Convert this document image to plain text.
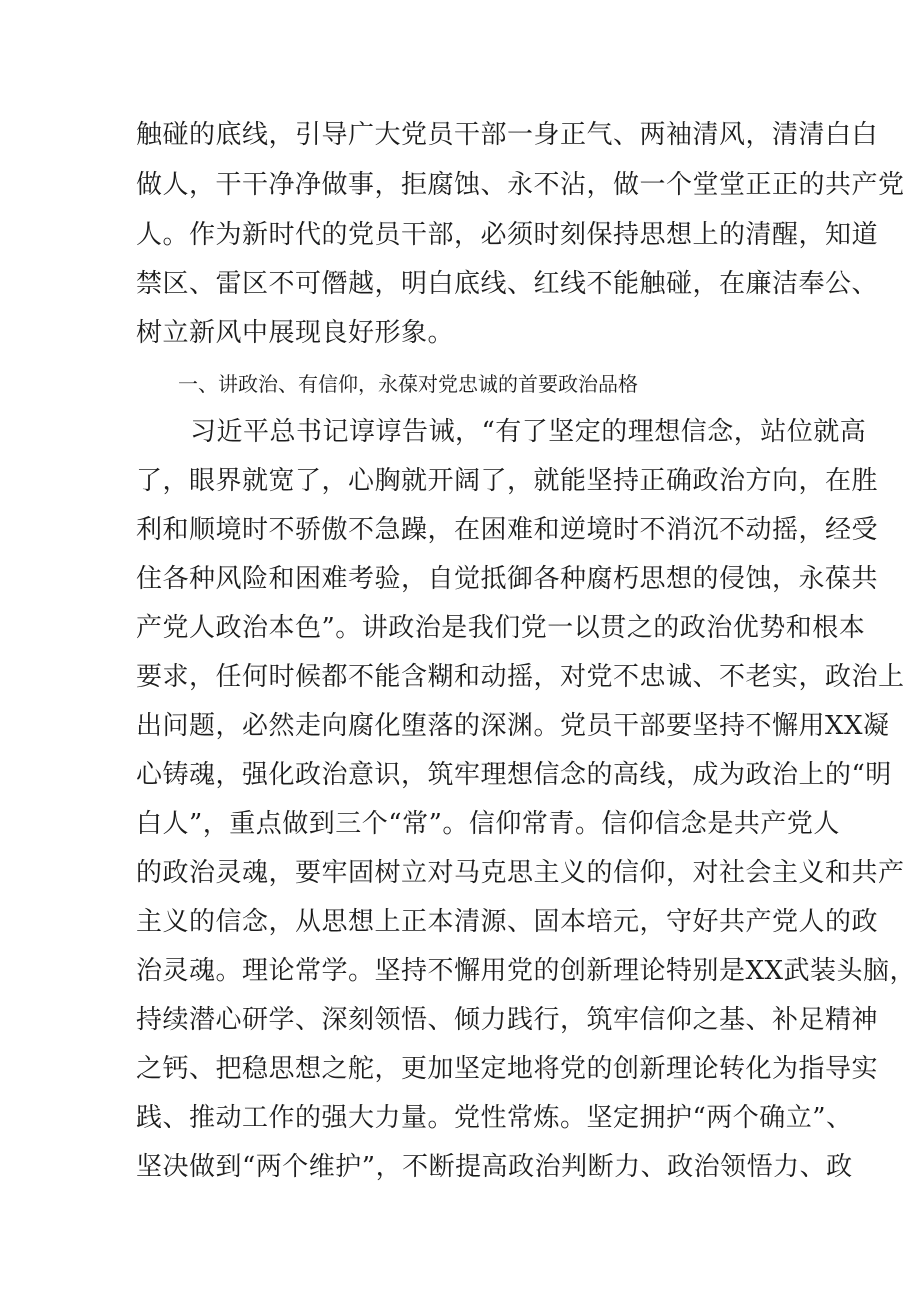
触碰的底线，引导广大党员干部一身正气、两袖清风，清清白白

做人，干干净净做事，拒腐蚀、永不沾，做一个堂堂正正的共产党

人。作为新时代的党员干部，必须时刻保持思想上的清醒，知道

禁区、雷区不可僭越，明白底线、红线不能触碰，在廉洁奉公、

树立新风中展现良好形象。

一、讲政治、有信仰，永葆对党忠诚的首要政治品格

习近平总书记谆谆告诫，“有了坚定的理想信念，站位就高

了，眼界就宽了，心胸就开阔了，就能坚持正确政治方向，在胜

利和顺境时不骄傲不急躁，在困难和逆境时不消沉不动摇，经受

住各种风险和困难考验，自觉抵御各种腐朽思想的侵蚀，永葆共

产党人政治本色”。讲政治是我们党一以贯之的政治优势和根本

要求，任何时候都不能含糊和动摇，对党不忠诚、不老实，政治上

出问题，必然走向腐化堕落的深渊。党员干部要坚持不懈用XX凝

心铸魂，强化政治意识，筑牢理想信念的高线，成为政治上的“明

白人”，重点做到三个“常”。信仰常青。信仰信念是共产党人

的政治灵魂，要牢固树立对马克思主义的信仰，对社会主义和共产

主义的信念，从思想上正本清源、固本培元，守好共产党人的政

治灵魂。理论常学。坚持不懈用党的创新理论特别是XX武装头脑，

持续潜心研学、深刻领悟、倾力践行，筑牢信仰之基、补足精神

之钙、把稳思想之舵，更加坚定地将党的创新理论转化为指导实

践、推动工作的强大力量。党性常炼。坚定拥护“两个确立”、

坚决做到“两个维护”，不断提高政治判断力、政治领悟力、政
